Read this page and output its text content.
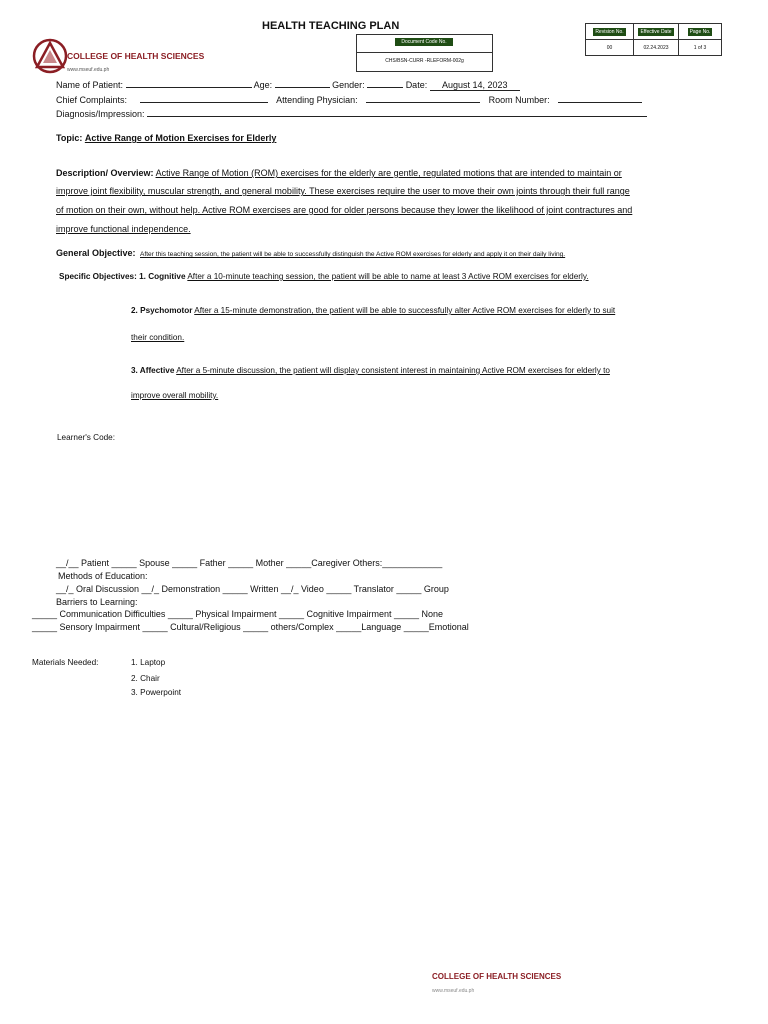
HEALTH TEACHING PLAN
COLLEGE OF HEALTH SCIENCES
www.mseuf.edu.ph
Document Code No.
CHS/BSN-CURR -RLEFORM-002g
Revision No.	Effective Date	Page No.
00	02.24.2023	1 of 3
Name of Patient:	Age:	Gender:	Date: August 14, 2023
Chief Complaints:	Attending Physician:	Room Number:
Diagnosis/Impression:
Topic: Active Range of Motion Exercises for Elderly
Description/ Overview: Active Range of Motion (ROM) exercises for the elderly are gentle, regulated motions that are intended to maintain or
improve joint flexibility, muscular strength, and general mobility. These exercises require the user to move their own joints through their full range
of motion on their own, without help. Active ROM exercises are good for older persons because they lower the likelihood of joint contractures and
improve functional independence.
General Objective: After this teaching session, the patient will be able to successfully distinguish the Active ROM exercises for elderly and apply it on their daily living.
Specific Objectives: 1. Cognitive After a 10-minute teaching session, the patient will be able to name at least 3 Active ROM exercises for elderly.
2. Psychomotor After a 15-minute demonstration, the patient will be able to successfully alter Active ROM exercises for elderly to suit
their condition.
3. Affective After a 5-minute discussion, the patient will display consistent interest in maintaining Active ROM exercises for elderly to
improve overall mobility.
Learner's Code:
__/__ Patient _____ Spouse _____ Father _____ Mother _____Caregiver Others:____________
Methods of Education:
__/_ Oral Discussion __/_ Demonstration _____ Written __/_ Video _____ Translator _____ Group
Barriers to Learning:
_____ Communication Difficulties _____ Physical Impairment _____ Cognitive Impairment _____ None
_____ Sensory Impairment _____ Cultural/Religious _____ others/Complex _____Language _____Emotional
Materials Needed:	1. Laptop
2. Chair
3. Powerpoint
COLLEGE OF HEALTH SCIENCES
www.mseuf.edu.ph
